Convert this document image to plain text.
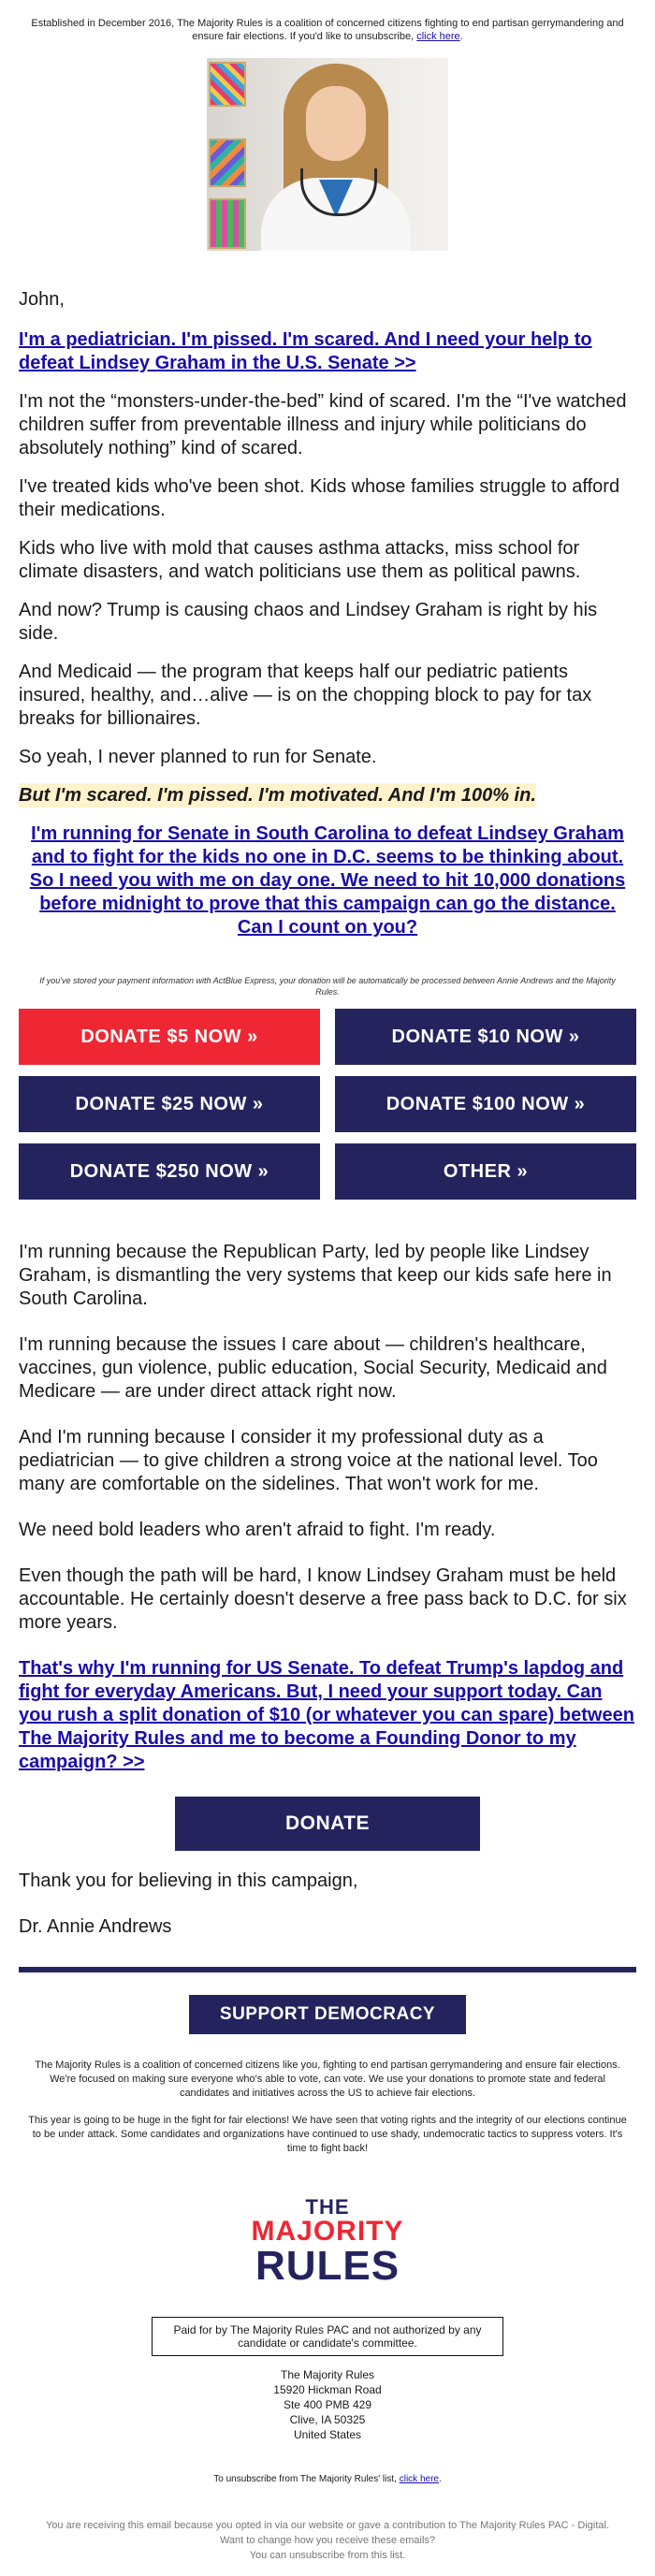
Established in December 2016, The Majority Rules is a coalition of concerned citizens fighting to end partisan gerrymandering and ensure fair elections. If you'd like to unsubscribe, click here.

John,

I'm a pediatrician. I'm pissed. I'm scared. And I need your help to defeat Lindsey Graham in the U.S. Senate >>

I'm not the “monsters-under-the-bed” kind of scared. I'm the “I've watched children suffer from preventable illness and injury while politicians do absolutely nothing” kind of scared.

I've treated kids who've been shot. Kids whose families struggle to afford their medications.

Kids who live with mold that causes asthma attacks, miss school for climate disasters, and watch politicians use them as political pawns.

And now? Trump is causing chaos and Lindsey Graham is right by his side.

And Medicaid — the program that keeps half our pediatric patients insured, healthy, and…alive — is on the chopping block to pay for tax breaks for billionaires.

So yeah, I never planned to run for Senate.

But I'm scared. I'm pissed. I'm motivated. And I'm 100% in.

I'm running for Senate in South Carolina to defeat Lindsey Graham and to fight for the kids no one in D.C. seems to be thinking about. So I need you with me on day one. We need to hit 10,000 donations before midnight to prove that this campaign can go the distance. Can I count on you?

If you've stored your payment information with ActBlue Express, your donation will be automatically be processed between Annie Andrews and the Majority Rules.

DONATE $5 NOW »	DONATE $10 NOW »
DONATE $25 NOW »	DONATE $100 NOW »
DONATE $250 NOW »	OTHER »

I'm running because the Republican Party, led by people like Lindsey Graham, is dismantling the very systems that keep our kids safe here in South Carolina.

I'm running because the issues I care about — children's healthcare, vaccines, gun violence, public education, Social Security, Medicaid and Medicare — are under direct attack right now.

And I'm running because I consider it my professional duty as a pediatrician — to give children a strong voice at the national level. Too many are comfortable on the sidelines. That won't work for me.

We need bold leaders who aren't afraid to fight. I'm ready.

Even though the path will be hard, I know Lindsey Graham must be held accountable. He certainly doesn't deserve a free pass back to D.C. for six more years.

That's why I'm running for US Senate. To defeat Trump's lapdog and fight for everyday Americans. But, I need your support today. Can you rush a split donation of $10 (or whatever you can spare) between The Majority Rules and me to become a Founding Donor to my campaign? >>

DONATE

Thank you for believing in this campaign,

Dr. Annie Andrews

SUPPORT DEMOCRACY

The Majority Rules is a coalition of concerned citizens like you, fighting to end partisan gerrymandering and ensure fair elections. We're focused on making sure everyone who's able to vote, can vote. We use your donations to promote state and federal candidates and initiatives across the US to achieve fair elections.

This year is going to be huge in the fight for fair elections! We have seen that voting rights and the integrity of our elections continue to be under attack. Some candidates and organizations have continued to use shady, undemocratic tactics to suppress voters. It's time to fight back!

THE
MAJORITY
RULES
Paid for by The Majority Rules PAC and not authorized by any candidate or candidate's committee.
The Majority Rules
15920 Hickman Road
Ste 400 PMB 429
Clive, IA 50325
United States
To unsubscribe from The Majority Rules' list, click here.
You are receiving this email because you opted in via our website or gave a contribution to The Majority Rules PAC - Digital.
Want to change how you receive these emails?
You can unsubscribe from this list.
